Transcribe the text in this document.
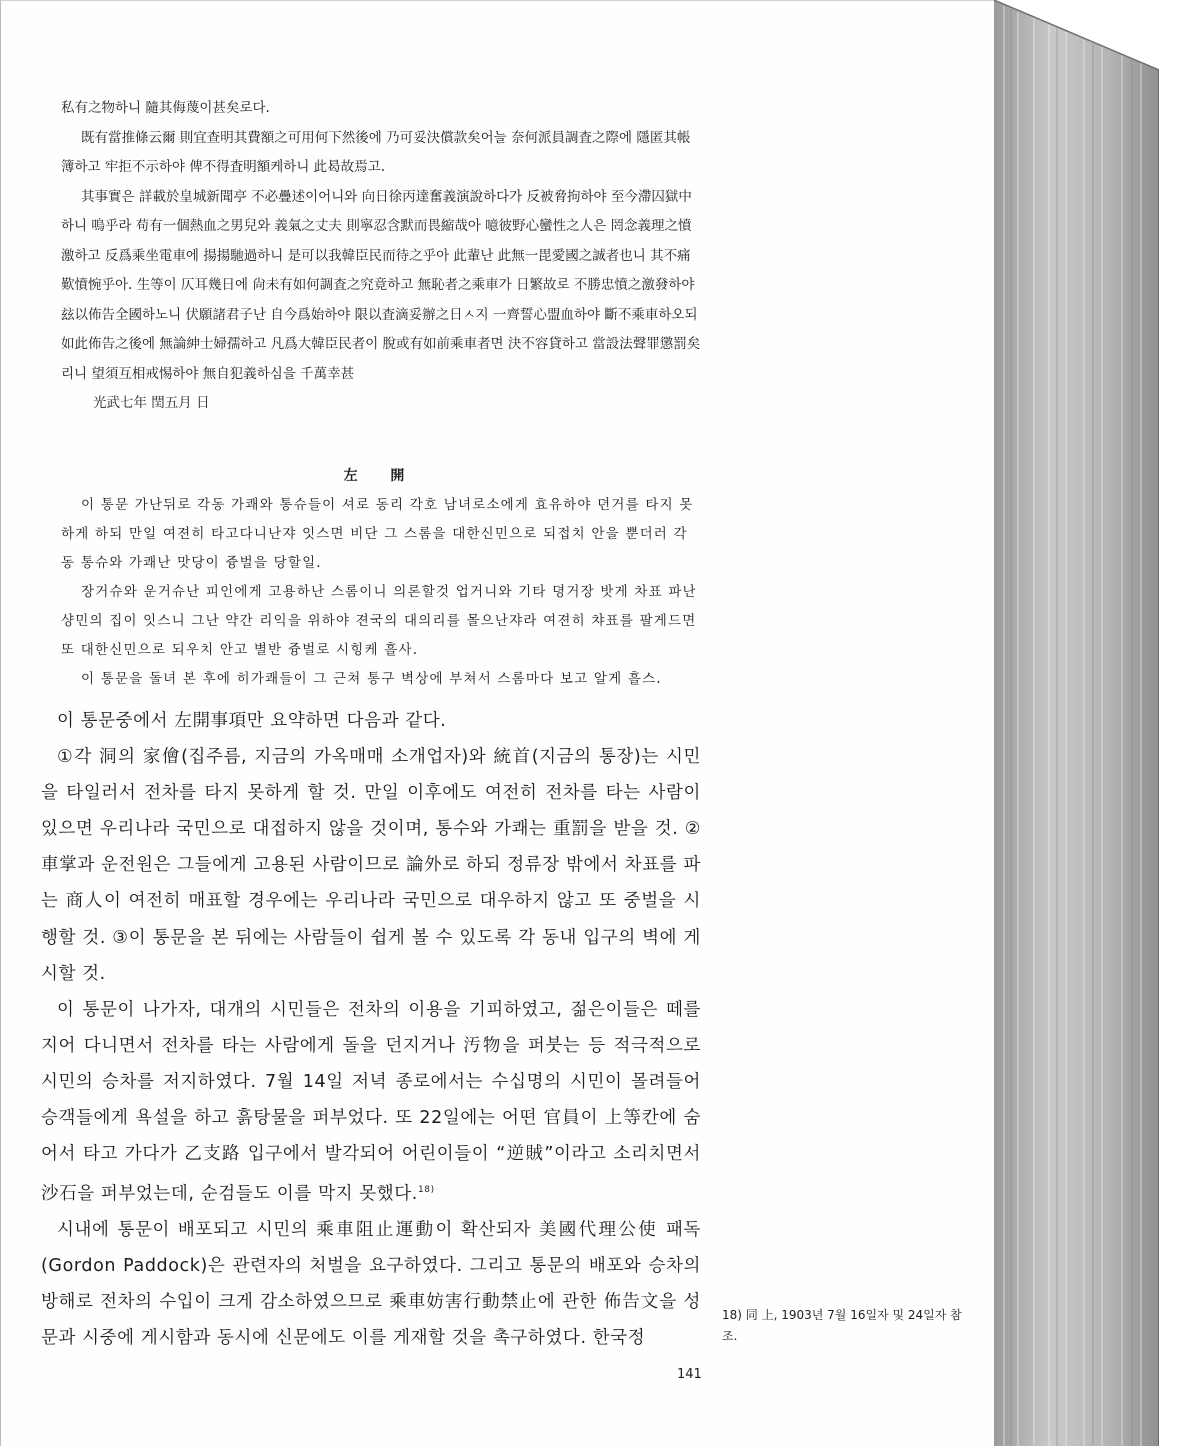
私有之物하니 隨其侮蔑이甚矣로다.

既有當推條云爾 則宜查明其費額之可用何下然後에 乃可妥決償款矣어늘 奈何派員調査之際에 隱匿其帳簿하고 牢拒不示하야 俾不得査明額케하니 此曷故焉고.

其事實은 詳載於皇城新聞亭 不必疊述이어니와 向日徐丙達奮義演說하다가 反被脅拘하야 至今滯囚獄中하니 嗚乎라 苟有一個熱血之男兒와 義氣之丈夫 則寧忍含默而畏縮哉아 噫彼野心蠻性之人은 罔念義理之憤激하고 反爲乘坐電車에 揚揚馳過하니 是可以我韓臣民而待之乎아 此輩난 此無一毘愛國之誠者也니 其不痛歎憤惋乎아. 生等이 仄耳幾日에 尙未有如何調査之究竟하고 無恥者之乘車가 日繁故로 不勝忠憤之激發하야 玆以佈告全國하노니 伏願諸君子난 自今爲始하야 限以査滴妥辦之日ㅅ지 一齊誓心盟血하야 斷不乘車하오되 如此佈告之後에 無論紳士婦孺하고 凡爲大韓臣民者이 脫或有如前乘車者면 決不容貸하고 當設法聲罪懲罰矣리니 望須互相戒惕하야 無自犯義하심을 千萬幸甚

光武七年 閏五月 日

左 開

이 통문 가난뒤로 각동 가쾌와 통슈들이 셔로 동리 각호 남녀로소에게 효유하야 뎐거를 타지 못하게 하되 만일 여젼히 타고다니난쟈 잇스면 비단 그 스롬을 대한신민으로 되접치 안을 뿐더러 각동 통슈와 가쾌난 맛당이 즁벌을 당할일.

장거슈와 운거슈난 피인에게 고용하난 스롬이니 의론할것 업거니와 기타 뎡거장 밧게 차표 파난 샹민의 집이 잇스니 그난 약간 리익을 위하야 젼국의 대의리를 몰으난쟈라 여젼히 챠표를 팔게드면 또 대한신민으로 되우치 안고 별반 즁벌로 시힝케 흘사.

이 통문을 돌녀 본 후에 히가쾌들이 그 근쳐 통구 벽상에 부쳐서 스롬마다 보고 알게 흘스.

이 통문중에서 左開事項만 요약하면 다음과 같다.

①각 洞의 家儈(집주름, 지금의 가옥매매 소개업자)와 統首(지금의 통장)는 시민을 타일러서 전차를 타지 못하게 할 것. 만일 이후에도 여전히 전차를 타는 사람이 있으면 우리나라 국민으로 대접하지 않을 것이며, 통수와 가쾌는 重罰을 받을 것. ②車掌과 운전원은 그들에게 고용된 사람이므로 論外로 하되 정류장 밖에서 차표를 파는 商人이 여전히 매표할 경우에는 우리나라 국민으로 대우하지 않고 또 중벌을 시행할 것. ③이 통문을 본 뒤에는 사람들이 쉽게 볼 수 있도록 각 동내 입구의 벽에 게시할 것.

이 통문이 나가자, 대개의 시민들은 전차의 이용을 기피하였고, 젊은이들은 떼를 지어 다니면서 전차를 타는 사람에게 돌을 던지거나 汚物을 퍼붓는 등 적극적으로 시민의 승차를 저지하였다. 7월 14일 저녁 종로에서는 수십명의 시민이 몰려들어 승객들에게 욕설을 하고 흙탕물을 퍼부었다. 또 22일에는 어떤 官員이 上等칸에 숨어서 타고 가다가 乙支路 입구에서 발각되어 어린이들이 “逆賊”이라고 소리치면서 沙石을 퍼부었는데, 순검들도 이를 막지 못했다.$^{18)}$

시내에 통문이 배포되고 시민의 乘車阻止運動이 확산되자 美國代理公使 패독(Gordon Paddock)은 관련자의 처벌을 요구하였다. 그리고 통문의 배포와 승차의 방해로 전차의 수입이 크게 감소하였으므로 乘車妨害行動禁止에 관한 佈告文을 성문과 시중에 게시함과 동시에 신문에도 이를 게재할 것을 촉구하였다. 한국정

18) 同 上, 1903년 7월 16일자 및 24일자 참조.
141
